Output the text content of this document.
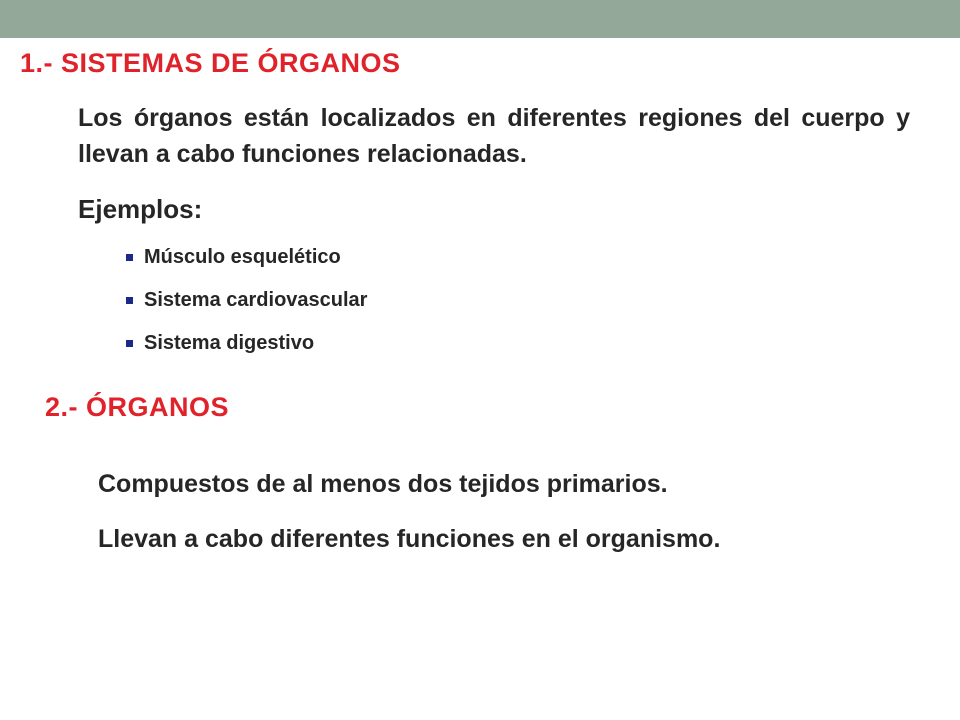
1.- SISTEMAS DE ÓRGANOS

Los órganos están localizados en diferentes regiones del cuerpo y llevan a cabo funciones relacionadas.

Ejemplos:

Músculo esquelético
Sistema cardiovascular
Sistema digestivo
2.- ÓRGANOS

Compuestos de al menos dos tejidos primarios.

Llevan a cabo diferentes funciones en el organismo.
